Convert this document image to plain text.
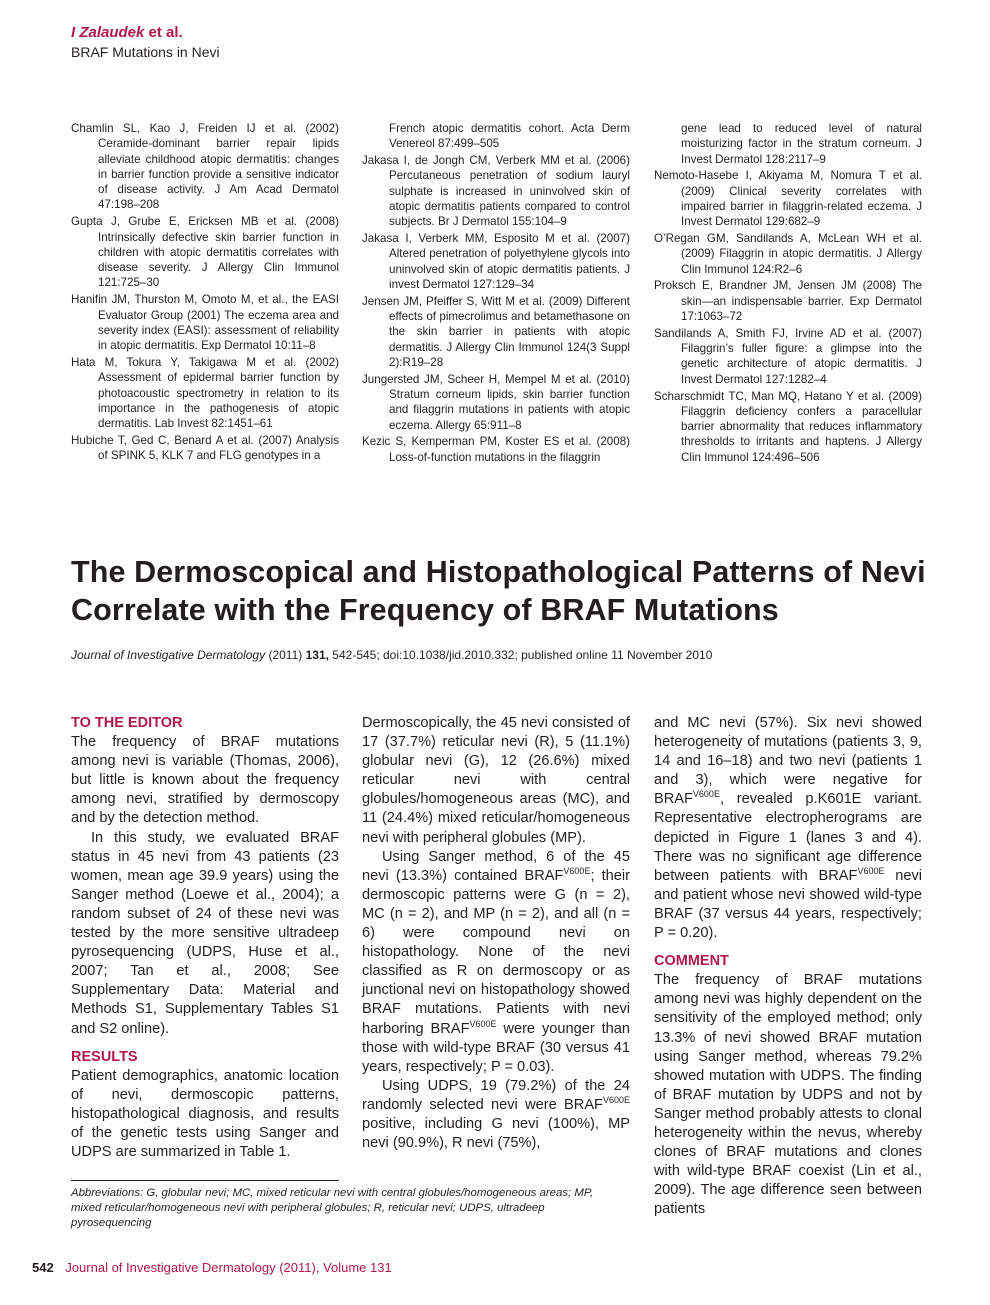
I Zalaudek et al.
BRAF Mutations in Nevi

Chamlin SL, Kao J, Freiden IJ et al. (2002) Ceramide-dominant barrier repair lipids alleviate childhood atopic dermatitis: changes in barrier function provide a sensitive indicator of disease activity. J Am Acad Dermatol 47:198–208

Gupta J, Grube E, Ericksen MB et al. (2008) Intrinsically defective skin barrier function in children with atopic dermatitis correlates with disease severity. J Allergy Clin Immunol 121:725–30

Hanifin JM, Thurston M, Omoto M, et al., the EASI Evaluator Group (2001) The eczema area and severity index (EASI): assessment of reliability in atopic dermatitis. Exp Dermatol 10:11–8

Hata M, Tokura Y, Takigawa M et al. (2002) Assessment of epidermal barrier function by photoacoustic spectrometry in relation to its importance in the pathogenesis of atopic dermatitis. Lab Invest 82:1451–61

Hubiche T, Ged C, Benard A et al. (2007) Analysis of SPINK 5, KLK 7 and FLG genotypes in a

French atopic dermatitis cohort. Acta Derm Venereol 87:499–505

Jakasa I, de Jongh CM, Verberk MM et al. (2006) Percutaneous penetration of sodium lauryl sulphate is increased in uninvolved skin of atopic dermatitis patients compared to control subjects. Br J Dermatol 155:104–9

Jakasa I, Verberk MM, Esposito M et al. (2007) Altered penetration of polyethylene glycols into uninvolved skin of atopic dermatitis patients. J invest Dermatol 127:129–34

Jensen JM, Pfeiffer S, Witt M et al. (2009) Different effects of pimecrolimus and betamethasone on the skin barrier in patients with atopic dermatitis. J Allergy Clin Immunol 124(3 Suppl 2):R19–28

Jungersted JM, Scheer H, Mempel M et al. (2010) Stratum corneum lipids, skin barrier function and filaggrin mutations in patients with atopic eczema. Allergy 65:911–8

Kezic S, Kemperman PM, Koster ES et al. (2008) Loss-of-function mutations in the filaggrin

gene lead to reduced level of natural moisturizing factor in the stratum corneum. J Invest Dermatol 128:2117–9

Nemoto-Hasebe I, Akiyama M, Nomura T et al. (2009) Clinical severity correlates with impaired barrier in filaggrin-related eczema. J Invest Dermatol 129:682–9

O’Regan GM, Sandilands A, McLean WH et al. (2009) Filaggrin in atopic dermatitis. J Allergy Clin Immunol 124:R2–6

Proksch E, Brandner JM, Jensen JM (2008) The skin—an indispensable barrier. Exp Dermatol 17:1063–72

Sandilands A, Smith FJ, Irvine AD et al. (2007) Filaggrin’s fuller figure: a glimpse into the genetic architecture of atopic dermatitis. J Invest Dermatol 127:1282–4

Scharschmidt TC, Man MQ, Hatano Y et al. (2009) Filaggrin deficiency confers a paracellular barrier abnormality that reduces inflammatory thresholds to irritants and haptens. J Allergy Clin Immunol 124:496–506

The Dermoscopical and Histopathological Patterns of Nevi Correlate with the Frequency of BRAF Mutations
Journal of Investigative Dermatology (2011) 131, 542-545; doi:10.1038/jid.2010.332; published online 11 November 2010

TO THE EDITOR

The frequency of BRAF mutations among nevi is variable (Thomas, 2006), but little is known about the frequency among nevi, stratified by dermoscopy and by the detection method.

In this study, we evaluated BRAF status in 45 nevi from 43 patients (23 women, mean age 39.9 years) using the Sanger method (Loewe et al., 2004); a random subset of 24 of these nevi was tested by the more sensitive ultradeep pyrosequencing (UDPS, Huse et al., 2007; Tan et al., 2008; See Supplementary Data: Material and Methods S1, Supplementary Tables S1 and S2 online).

RESULTS

Patient demographics, anatomic location of nevi, dermoscopic patterns, histopathological diagnosis, and results of the genetic tests using Sanger and UDPS are summarized in Table 1.

Dermoscopically, the 45 nevi consisted of 17 (37.7%) reticular nevi (R), 5 (11.1%) globular nevi (G), 12 (26.6%) mixed reticular nevi with central globules/homogeneous areas (MC), and 11 (24.4%) mixed reticular/homogeneous nevi with peripheral globules (MP).

Using Sanger method, 6 of the 45 nevi (13.3%) contained $BRAF^{V600E}$; their dermoscopic patterns were G (n = 2), MC (n = 2), and MP (n = 2), and all (n = 6) were compound nevi on histopathology. None of the nevi classified as R on dermoscopy or as junctional nevi on histopathology showed BRAF mutations. Patients with nevi harboring $BRAF^{V600E}$ were younger than those with wild-type BRAF (30 versus 41 years, respectively; P = 0.03).

Using UDPS, 19 (79.2%) of the 24 randomly selected nevi were $BRAF^{V600E}$ positive, including G nevi (100%), MP nevi (90.9%), R nevi (75%),

and MC nevi (57%). Six nevi showed heterogeneity of mutations (patients 3, 9, 14 and 16–18) and two nevi (patients 1 and 3), which were negative for $BRAF^{V600E}$, revealed p.K601E variant. Representative electropherograms are depicted in Figure 1 (lanes 3 and 4). There was no significant age difference between patients with $BRAF^{V600E}$ nevi and patient whose nevi showed wild-type BRAF (37 versus 44 years, respectively; P = 0.20).

COMMENT

The frequency of BRAF mutations among nevi was highly dependent on the sensitivity of the employed method; only 13.3% of nevi showed BRAF mutation using Sanger method, whereas 79.2% showed mutation with UDPS. The finding of BRAF mutation by UDPS and not by Sanger method probably attests to clonal heterogeneity within the nevus, whereby clones of BRAF mutations and clones with wild-type BRAF coexist (Lin et al., 2009). The age difference seen between patients

Abbreviations: G, globular nevi; MC, mixed reticular nevi with central globules/homogeneous areas; MP, mixed reticular/homogeneous nevi with peripheral globules; R, reticular nevi; UDPS, ultradeep pyrosequencing
542 Journal of Investigative Dermatology (2011), Volume 131
